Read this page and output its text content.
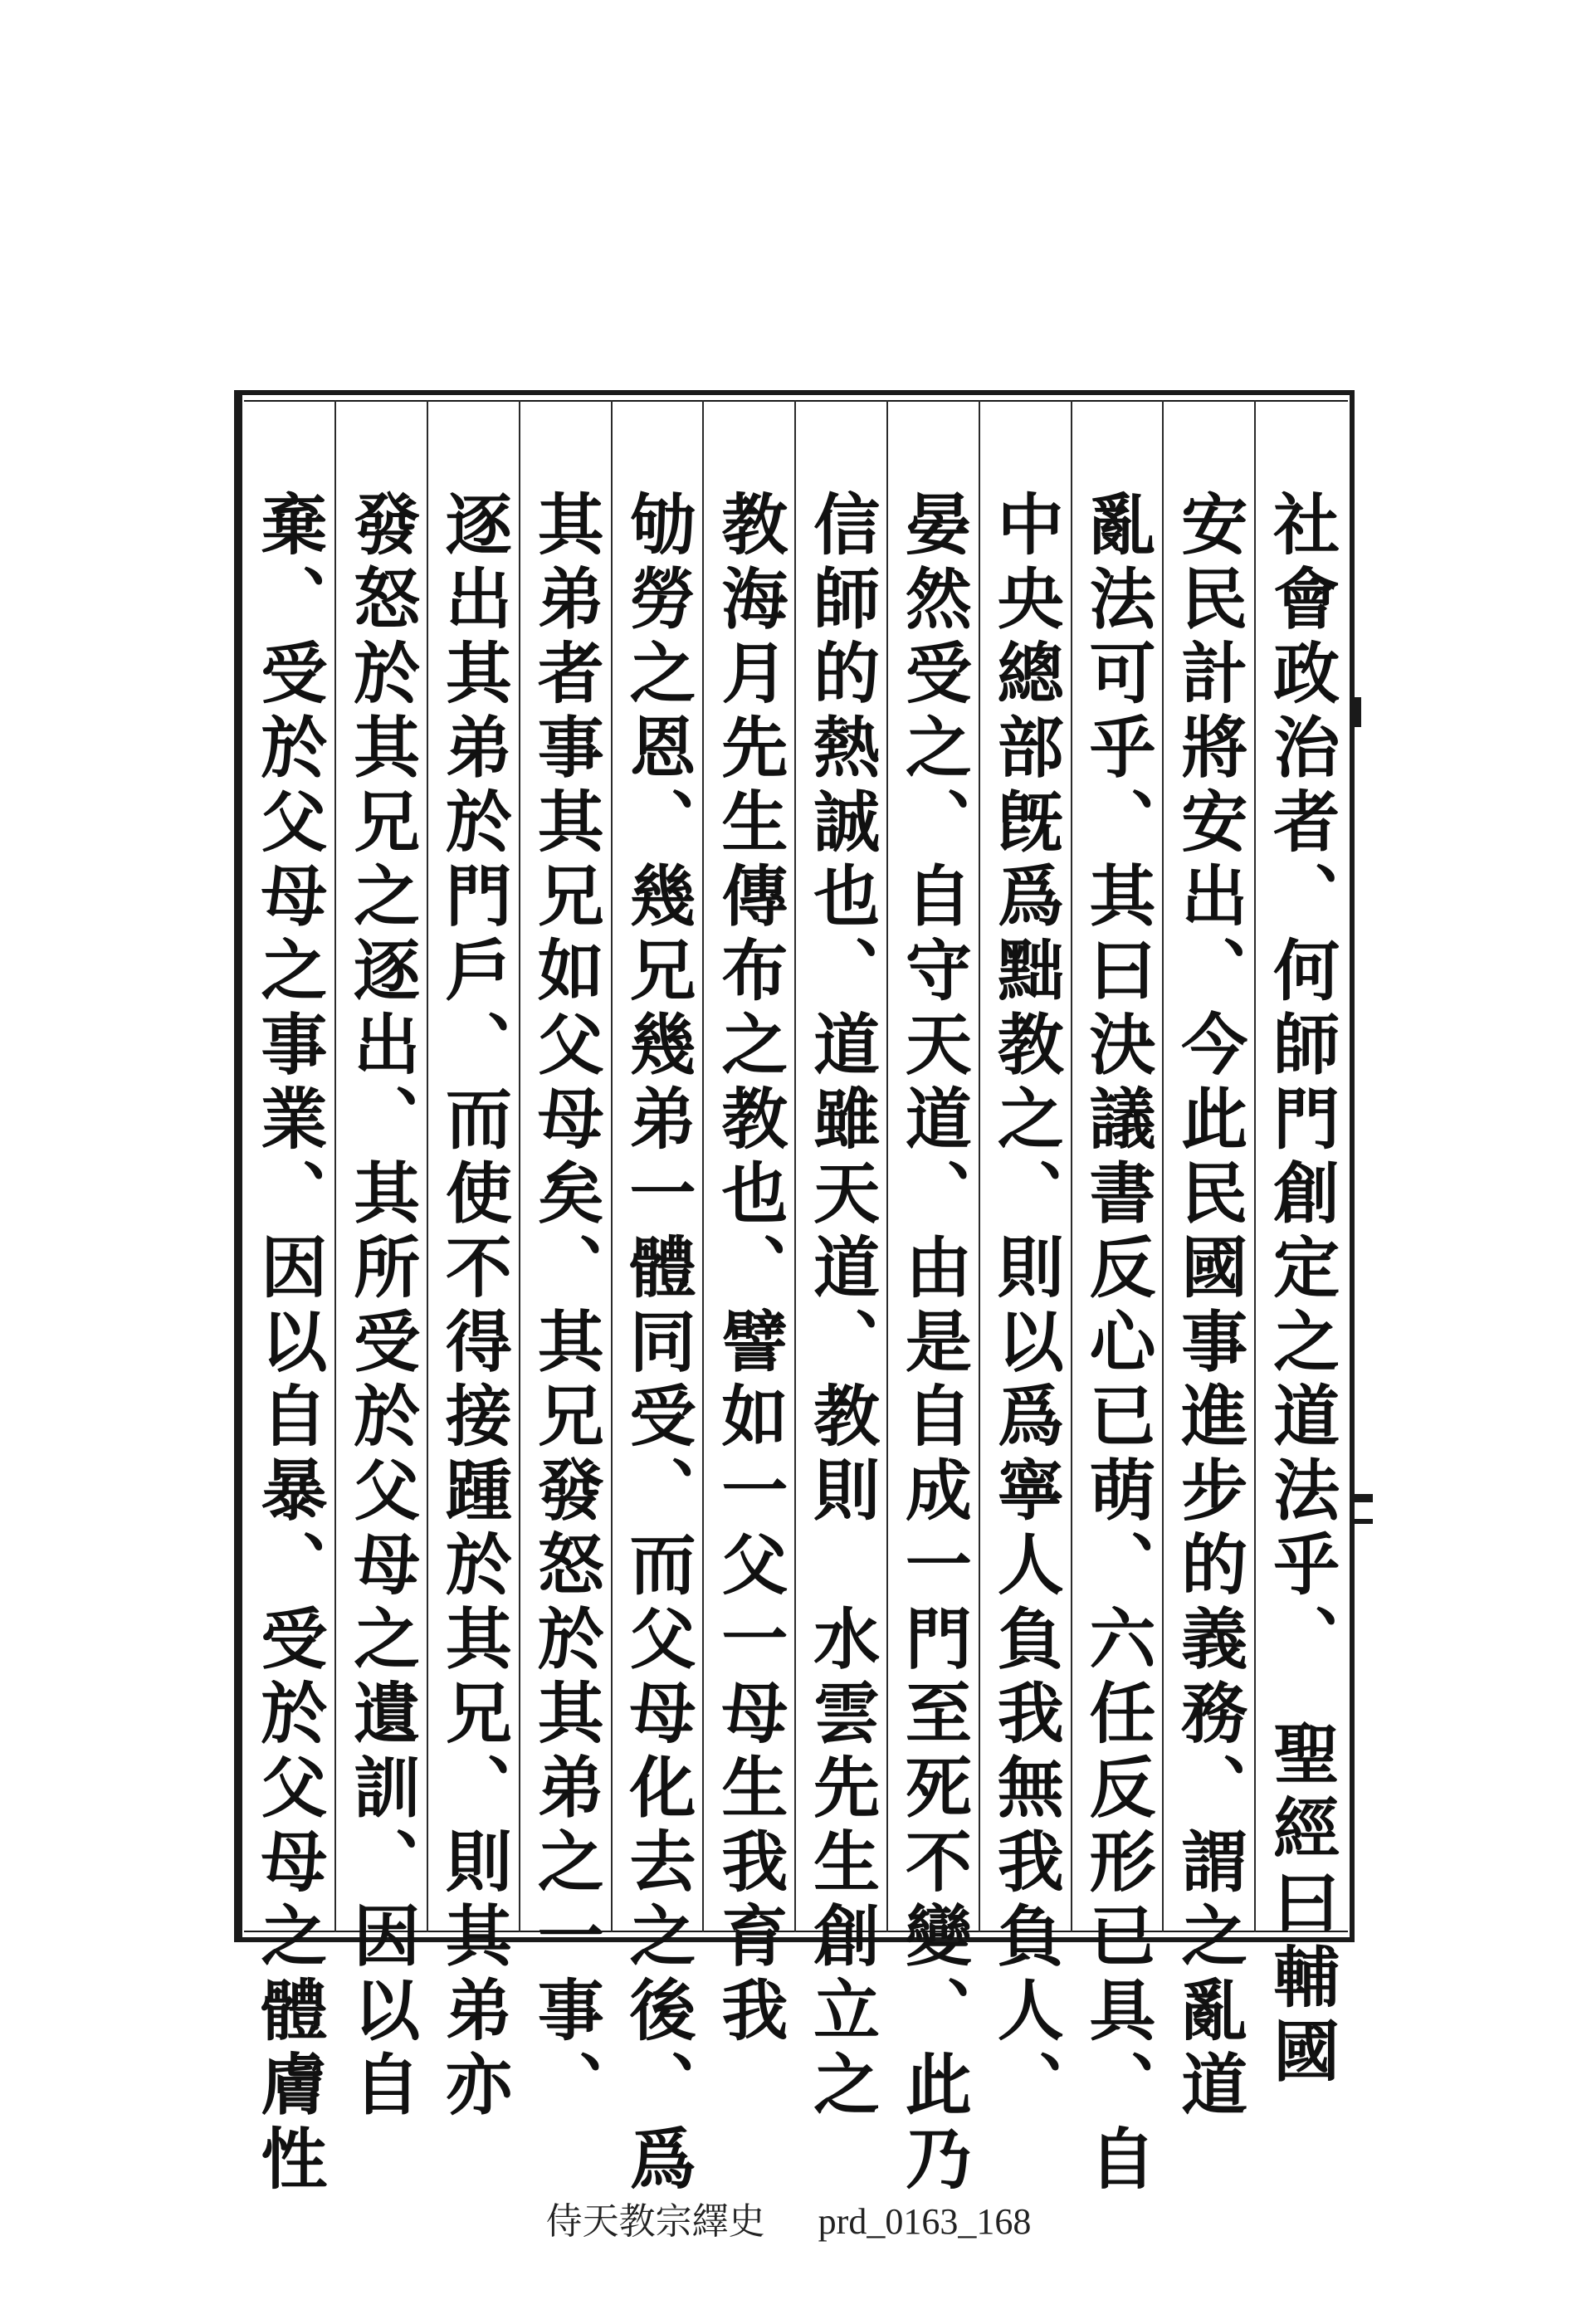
社會政治者、何師門創定之道法乎、　聖經曰輔國
安民計將安出、今此民國事進步的義務、謂之亂道
亂法可乎、其曰決議書反心已萌、六任反形已具、自
中央總部旣爲黜教之、則以爲寧人負我無我負人、
晏然受之、自守天道、由是自成一門至死不變、此乃
信師的熱誠也、道雖天道、教則　水雲先生創立之
教海月先生傳布之教也、譬如一父一母生我育我
劬勞之恩、幾兄幾弟一體同受、而父母化去之後、爲
其弟者事其兄如父母矣、其兄發怒於其弟之一事、
逐出其弟於門戶、而使不得接踵於其兄、則其弟亦
發怒於其兄之逐出、其所受於父母之遺訓、因以自
棄、受於父母之事業、因以自暴、受於父母之體膚性
侍天教宗繹史 prd_0163_168
